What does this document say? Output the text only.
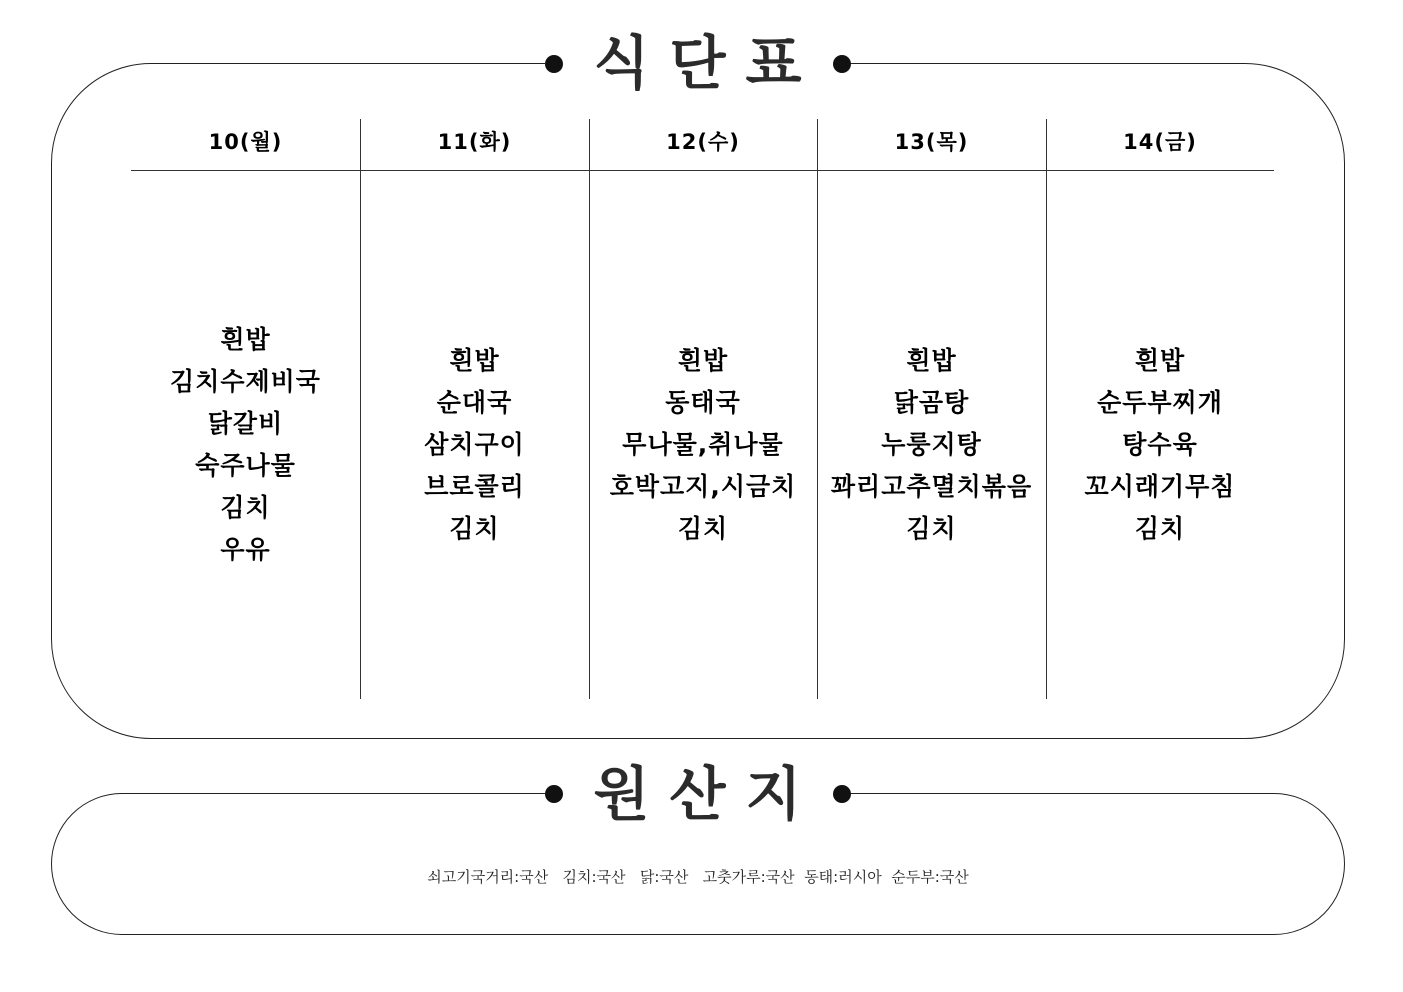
식단표
10(월)
흰밥
김치수제비국
닭갈비
숙주나물
김치
우유
11(화)
흰밥
순대국
삼치구이
브로콜리
김치
12(수)
흰밥
동태국
무나물,취나물
호박고지,시금치
김치
13(목)
흰밥
닭곰탕
누룽지탕
꽈리고추멸치볶음
김치
14(금)
흰밥
순두부찌개
탕수육
꼬시래기무침
김치
원산지
쇠고기국거리:국산   김치:국산   닭:국산   고춧가루:국산  동태:러시아  순두부:국산
